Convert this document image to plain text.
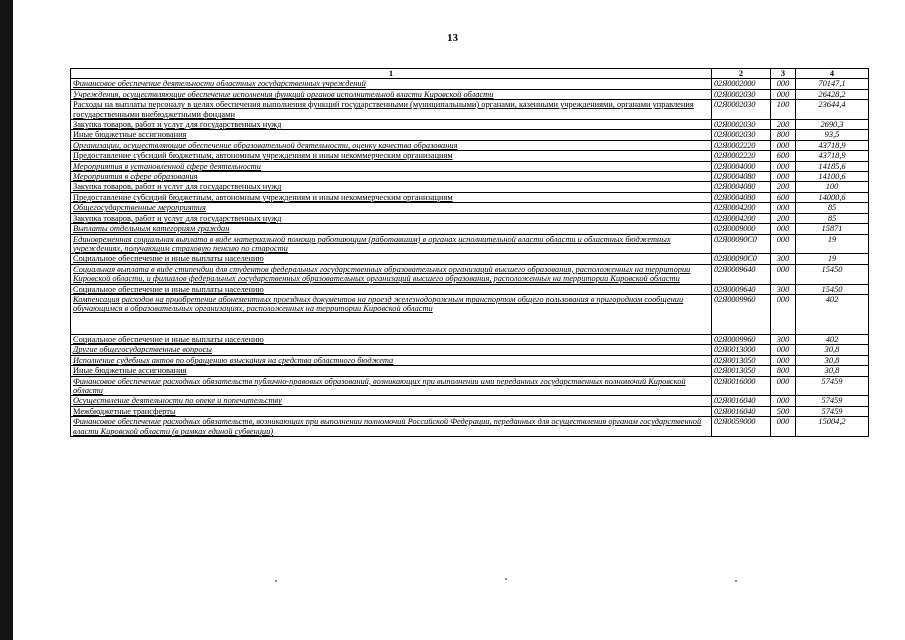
13
1	2	3	4
Финансовое обеспечение деятельности областных государственных учреждений	02Я0002000	000	70147,1
Учреждения, осуществляющие обеспечение исполнения функций органов исполнительной власти Кировской области	02Я0002030	000	26428,2
Расходы на выплаты персоналу в целях обеспечения выполнения функций государственными (муниципальными) органами, казенными учреждениями, органами управления государственными внебюджетными фондами	02Я0002030	100	23644,4
Закупка товаров, работ и услуг для государственных нужд	02Я0002030	200	2690,3
Иные бюджетные ассигнования	02Я0002030	800	93,5
Организации, осуществляющие обеспечение образовательной деятельности, оценку качества образования	02Я0002220	000	43718,9
Предоставление субсидий бюджетным, автономным учреждениям и иным некоммерческим организациям	02Я0002220	600	43718,9
Мероприятия в установленной сфере деятельности	02Я0004000	000	14185,6
Мероприятия в сфере образования	02Я0004080	000	14100,6
Закупка товаров, работ и услуг для государственных нужд	02Я0004080	200	100
Предоставление субсидий бюджетным, автономным учреждениям и иным некоммерческим организациям	02Я0004080	600	14000,6
Общегосударственные мероприятия	02Я0004200	000	85
Закупка товаров, работ и услуг для государственных нужд	02Я0004200	200	85
Выплаты отдельным категориям граждан	02Я0009000	000	15871
Единовременная социальная выплата в виде материальной помощи работающим (работавшим) в органах исполнительной власти области и областных бюджетных учреждениях, получающим страховую пенсию по старости	02Я00090С0	000	19
Социальное обеспечение и иные выплаты населению	02Я00090С0	300	19
Социальная выплата в виде стипендии для студентов федеральных государственных образовательных организаций высшего образования, расположенных на территории Кировской области, и филиалов федеральных государственных образовательных организаций высшего образования, расположенных на территории Кировской области	02Я0009640	000	15450
Социальное обеспечение и иные выплаты населению	02Я0009640	300	15450
Компенсация расходов на приобретение абонементных проездных документов на проезд железнодорожным транспортом общего пользования в пригородном сообщении обучающимся в образовательных организациях, расположенных на территории Кировской области	02Я0009960	000	402
Социальное обеспечение и иные выплаты населению	02Я0009960	300	402
Другие общегосударственные вопросы	02Я0013000	000	30,8
Исполнение судебных актов по обращению взыскания на средства областного бюджета	02Я0013050	000	30,8
Иные бюджетные ассигнования	02Я0013050	800	30,8
Финансовое обеспечение расходных обязательств публично-правовых образований, возникающих при выполнении ими переданных государственных полномочий Кировской области	02Я0016000	000	57459
Осуществление деятельности по опеке и попечительству	02Я0016040	000	57459
Межбюджетные трансферты	02Я0016040	500	57459
Финансовое обеспечение расходных обязательств, возникающих при выполнении полномочий Российской Федерации, переданных для осуществления органам государственной власти Кировской области (в рамках единой субвенции)	02Я0059000	000	15004,2
